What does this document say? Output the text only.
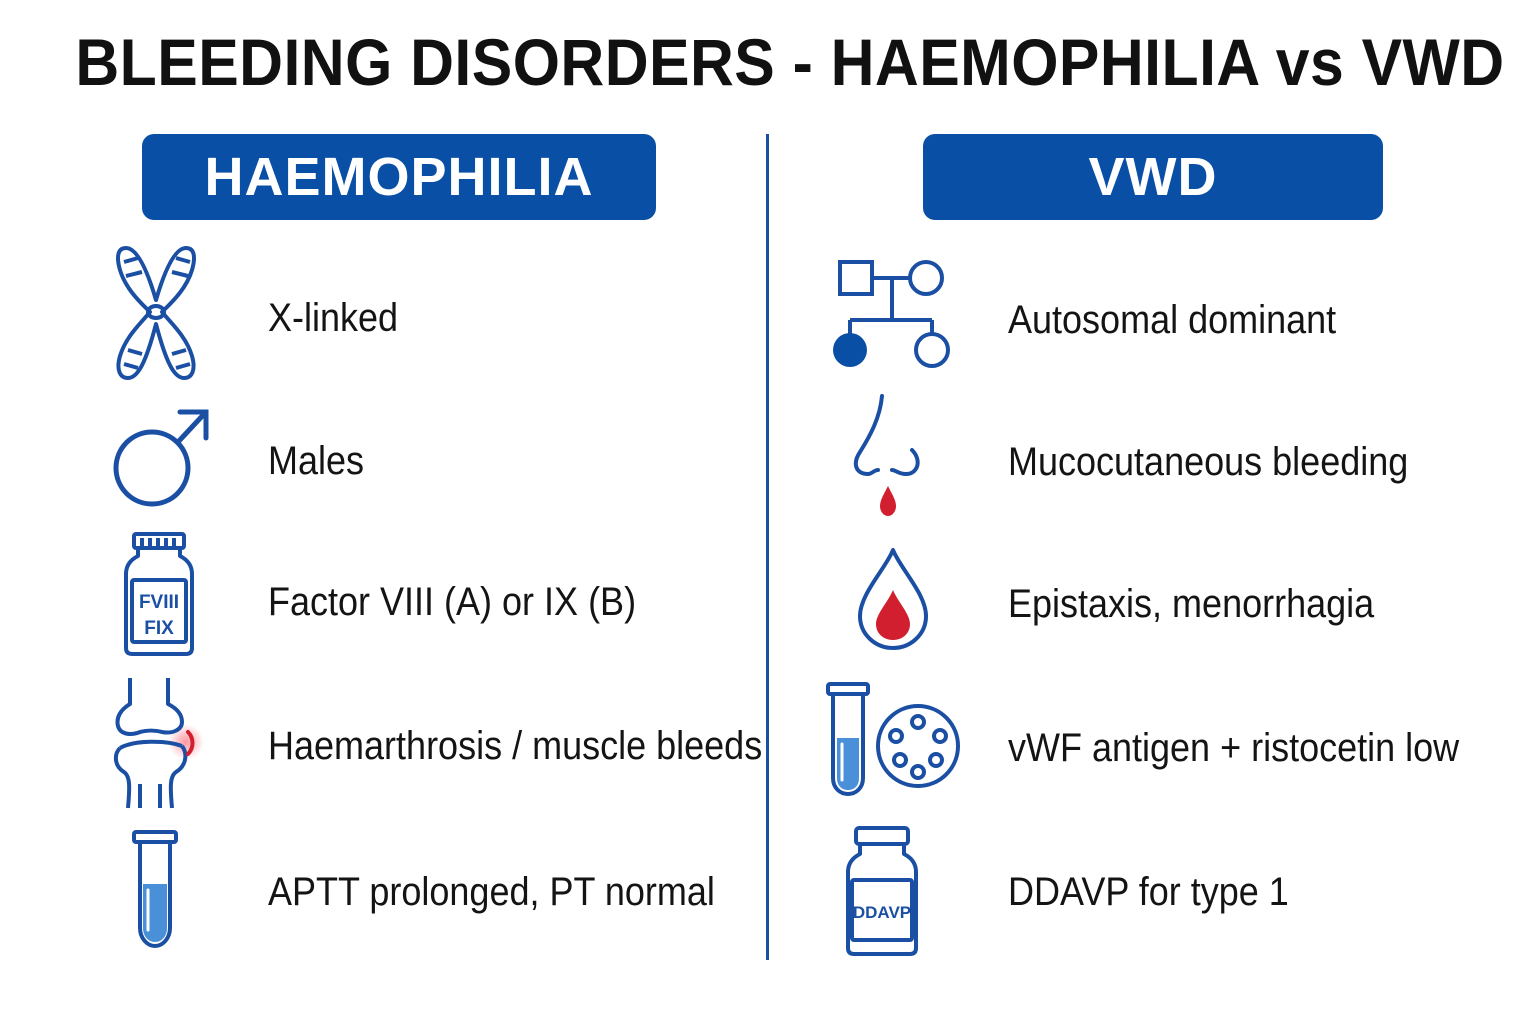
BLEEDING DISORDERS - HAEMOPHILIA vs VWD
HAEMOPHILIA	VWD
X-linked
Males
FVIII
FIX
Factor VIII (A) or IX (B)
Haemarthrosis / muscle bleeds
APTT prolonged, PT normal
Autosomal dominant
Mucocutaneous bleeding
Epistaxis, menorrhagia
vWF antigen + ristocetin low
DDAVP DDAVP for type 1
